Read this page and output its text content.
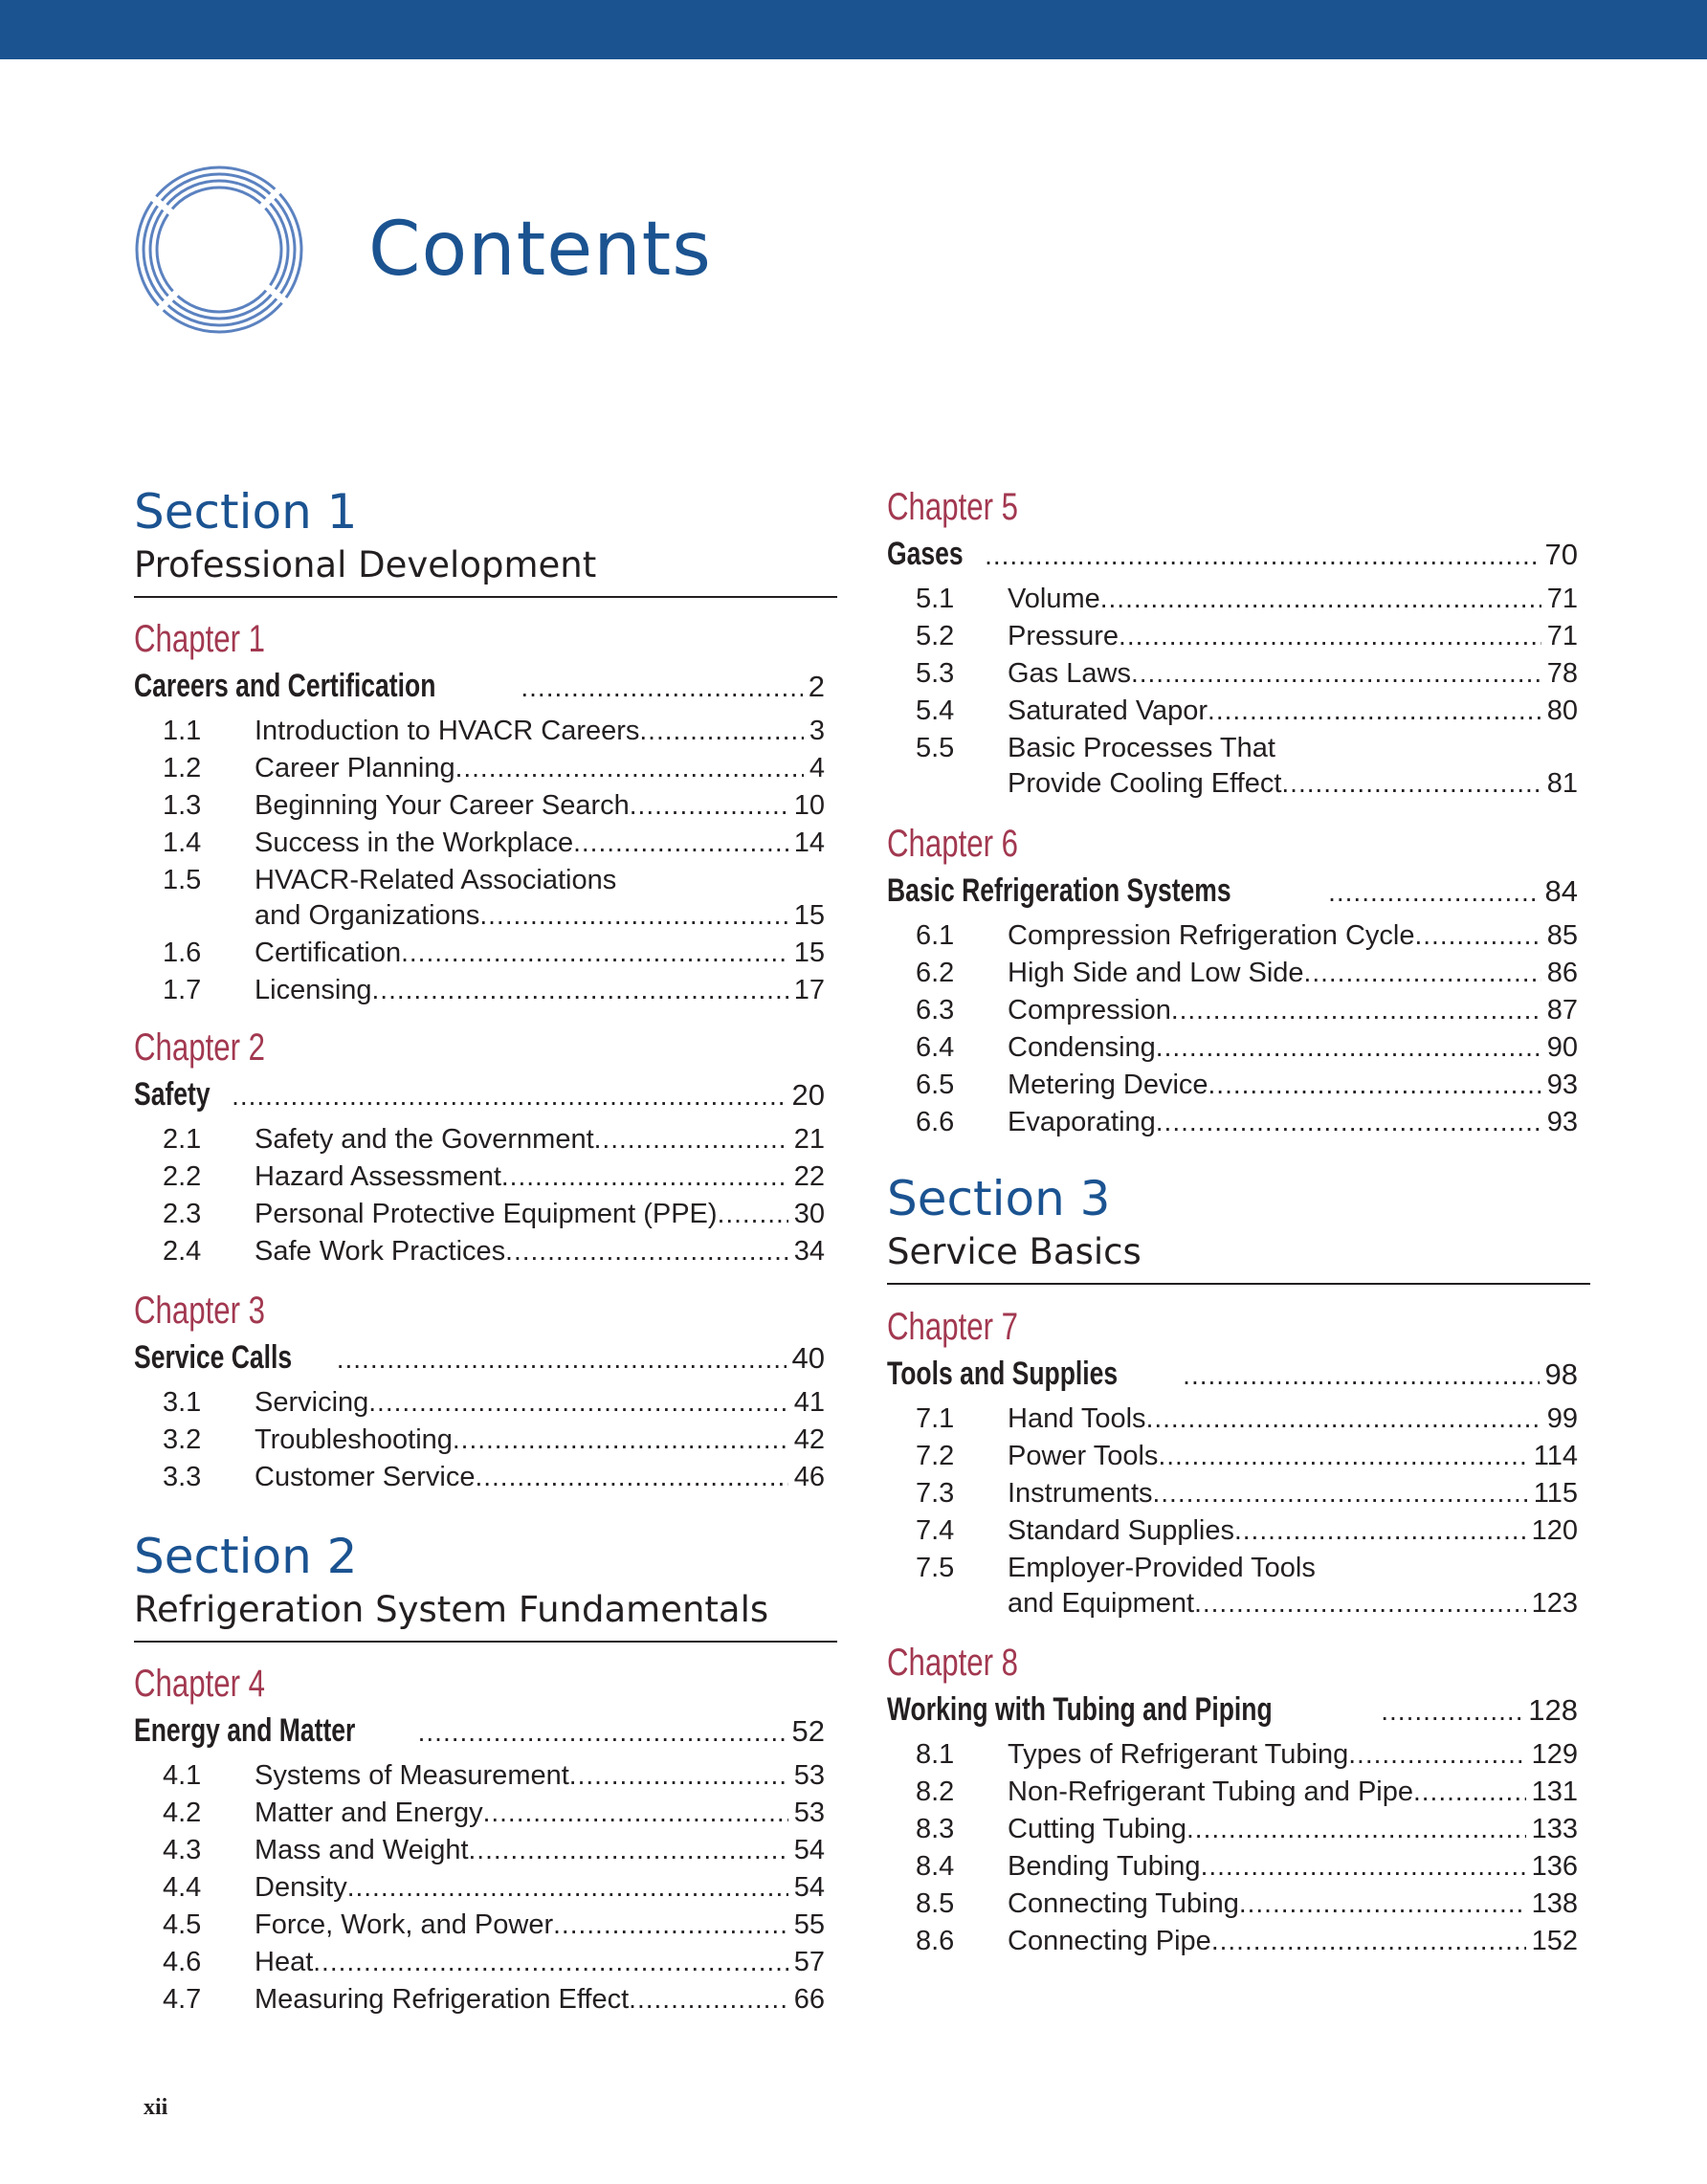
Contents
Section 1
Professional Development
Chapter 1
Careers and Certification .....	2
1.1	Introduction to HVACR Careers .....	3
1.2	Career Planning .....	4
1.3	Beginning Your Career Search .....	10
1.4	Success in the Workplace .....	14
1.5	HVACR-Related Associations
and Organizations .....	15
1.6	Certification .....	15
1.7	Licensing .....	17
Chapter 2
Safety .....	20
2.1	Safety and the Government .....	21
2.2	Hazard Assessment .....	22
2.3	Personal Protective Equipment (PPE) .....	30
2.4	Safe Work Practices .....	34
Chapter 3
Service Calls .....	40
3.1	Servicing .....	41
3.2	Troubleshooting .....	42
3.3	Customer Service .....	46
Section 2
Refrigeration System Fundamentals
Chapter 4
Energy and Matter .....	52
4.1	Systems of Measurement .....	53
4.2	Matter and Energy .....	53
4.3	Mass and Weight .....	54
4.4	Density .....	54
4.5	Force, Work, and Power .....	55
4.6	Heat .....	57
4.7	Measuring Refrigeration Effect .....	66
Chapter 5
Gases .....	70
5.1	Volume .....	71
5.2	Pressure .....	71
5.3	Gas Laws .....	78
5.4	Saturated Vapor .....	80
5.5	Basic Processes That
Provide Cooling Effect .....	81
Chapter 6
Basic Refrigeration Systems .....	84
6.1	Compression Refrigeration Cycle .....	85
6.2	High Side and Low Side .....	86
6.3	Compression .....	87
6.4	Condensing .....	90
6.5	Metering Device .....	93
6.6	Evaporating .....	93
Section 3
Service Basics
Chapter 7
Tools and Supplies .....	98
7.1	Hand Tools .....	99
7.2	Power Tools .....	114
7.3	Instruments .....	115
7.4	Standard Supplies .....	120
7.5	Employer-Provided Tools
and Equipment .....	123
Chapter 8
Working with Tubing and Piping .....	128
8.1	Types of Refrigerant Tubing .....	129
8.2	Non-Refrigerant Tubing and Pipe .....	131
8.3	Cutting Tubing .....	133
8.4	Bending Tubing .....	136
8.5	Connecting Tubing .....	138
8.6	Connecting Pipe .....	152
xii
